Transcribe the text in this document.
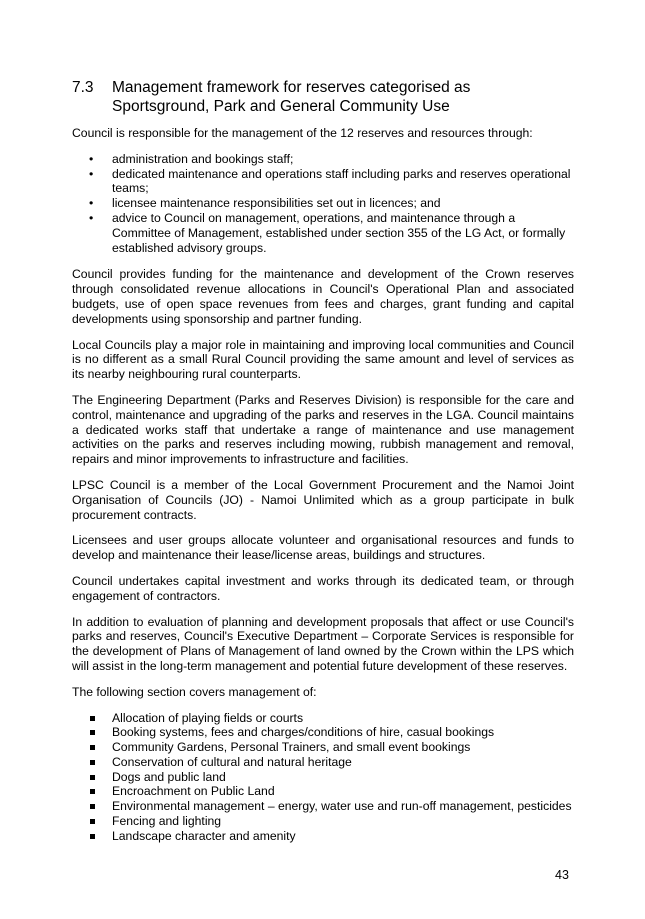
7.3 Management framework for reserves categorised as Sportsground, Park and General Community Use

Council is responsible for the management of the 12 reserves and resources through:

• administration and bookings staff;
• dedicated maintenance and operations staff including parks and reserves operational teams;
• licensee maintenance responsibilities set out in licences; and
• advice to Council on management, operations, and maintenance through a Committee of Management, established under section 355 of the LG Act, or formally established advisory groups.

Council provides funding for the maintenance and development of the Crown reserves through consolidated revenue allocations in Council's Operational Plan and associated budgets, use of open space revenues from fees and charges, grant funding and capital developments using sponsorship and partner funding.

Local Councils play a major role in maintaining and improving local communities and Council is no different as a small Rural Council providing the same amount and level of services as its nearby neighbouring rural counterparts.

The Engineering Department (Parks and Reserves Division) is responsible for the care and control, maintenance and upgrading of the parks and reserves in the LGA. Council maintains a dedicated works staff that undertake a range of maintenance and use management activities on the parks and reserves including mowing, rubbish management and removal, repairs and minor improvements to infrastructure and facilities.

LPSC Council is a member of the Local Government Procurement and the Namoi Joint Organisation of Councils (JO) - Namoi Unlimited which as a group participate in bulk procurement contracts.

Licensees and user groups allocate volunteer and organisational resources and funds to develop and maintenance their lease/license areas, buildings and structures.

Council undertakes capital investment and works through its dedicated team, or through engagement of contractors.

In addition to evaluation of planning and development proposals that affect or use Council's parks and reserves, Council's Executive Department – Corporate Services is responsible for the development of Plans of Management of land owned by the Crown within the LPS which will assist in the long-term management and potential future development of these reserves.

The following section covers management of:

Allocation of playing fields or courts
Booking systems, fees and charges/conditions of hire, casual bookings
Community Gardens, Personal Trainers, and small event bookings
Conservation of cultural and natural heritage
Dogs and public land
Encroachment on Public Land
Environmental management – energy, water use and run-off management, pesticides
Fencing and lighting
Landscape character and amenity
43
